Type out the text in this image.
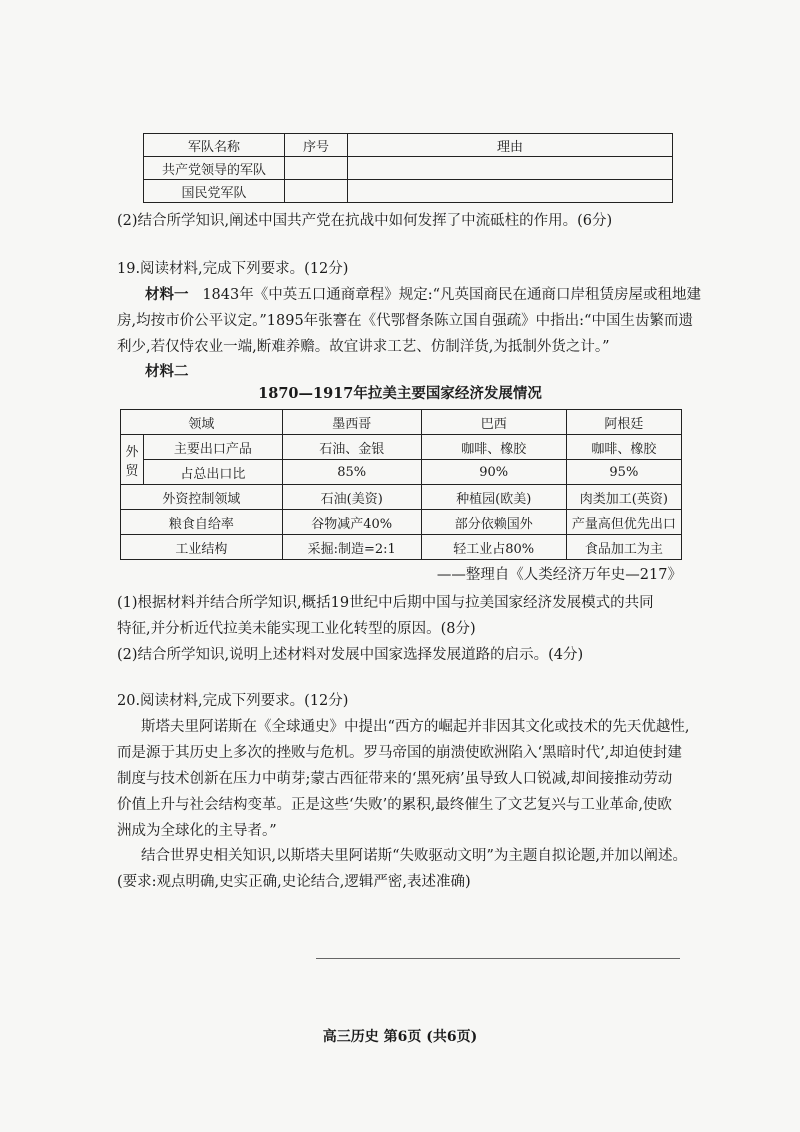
军队名称	序号	理由
共产党领导的军队		
国民党军队		
(2)结合所学知识,阐述中国共产党在抗战中如何发挥了中流砥柱的作用。(6分)
19.阅读材料,完成下列要求。(12分)
材料一 1843年《中英五口通商章程》规定:“凡英国商民在通商口岸租赁房屋或租地建
房,均按市价公平议定。”1895年张謇在《代鄂督条陈立国自强疏》中指出:“中国生齿繁而遗
利少,若仅恃农业一端,断难养赡。故宜讲求工艺、仿制洋货,为抵制外货之计。”
材料二
1870—1917年拉美主要国家经济发展情况
领域		墨西哥	巴西	阿根廷
外贸	主要出口产品	石油、金银	咖啡、橡胶	咖啡、橡胶
	占总出口比	85%	90%	95%
外资控制领域		石油(美资)	种植园(欧美)	肉类加工(英资)
粮食自给率		谷物减产40%	部分依赖国外	产量高但优先出口
工业结构		采掘:制造=2:1	轻工业占80%	食品加工为主
——整理自《人类经济万年史—217》
(1)根据材料并结合所学知识,概括19世纪中后期中国与拉美国家经济发展模式的共同
特征,并分析近代拉美未能实现工业化转型的原因。(8分)
(2)结合所学知识,说明上述材料对发展中国家选择发展道路的启示。(4分)
20.阅读材料,完成下列要求。(12分)
斯塔夫里阿诺斯在《全球通史》中提出“西方的崛起并非因其文化或技术的先天优越性,
而是源于其历史上多次的挫败与危机。罗马帝国的崩溃使欧洲陷入‘黑暗时代’,却迫使封建
制度与技术创新在压力中萌芽;蒙古西征带来的‘黑死病’虽导致人口锐减,却间接推动劳动
价值上升与社会结构变革。正是这些‘失败’的累积,最终催生了文艺复兴与工业革命,使欧
洲成为全球化的主导者。”
结合世界史相关知识,以斯塔夫里阿诺斯“失败驱动文明”为主题自拟论题,并加以阐述。
(要求:观点明确,史实正确,史论结合,逻辑严密,表述准确)
高三历史 第6页 (共6页)
